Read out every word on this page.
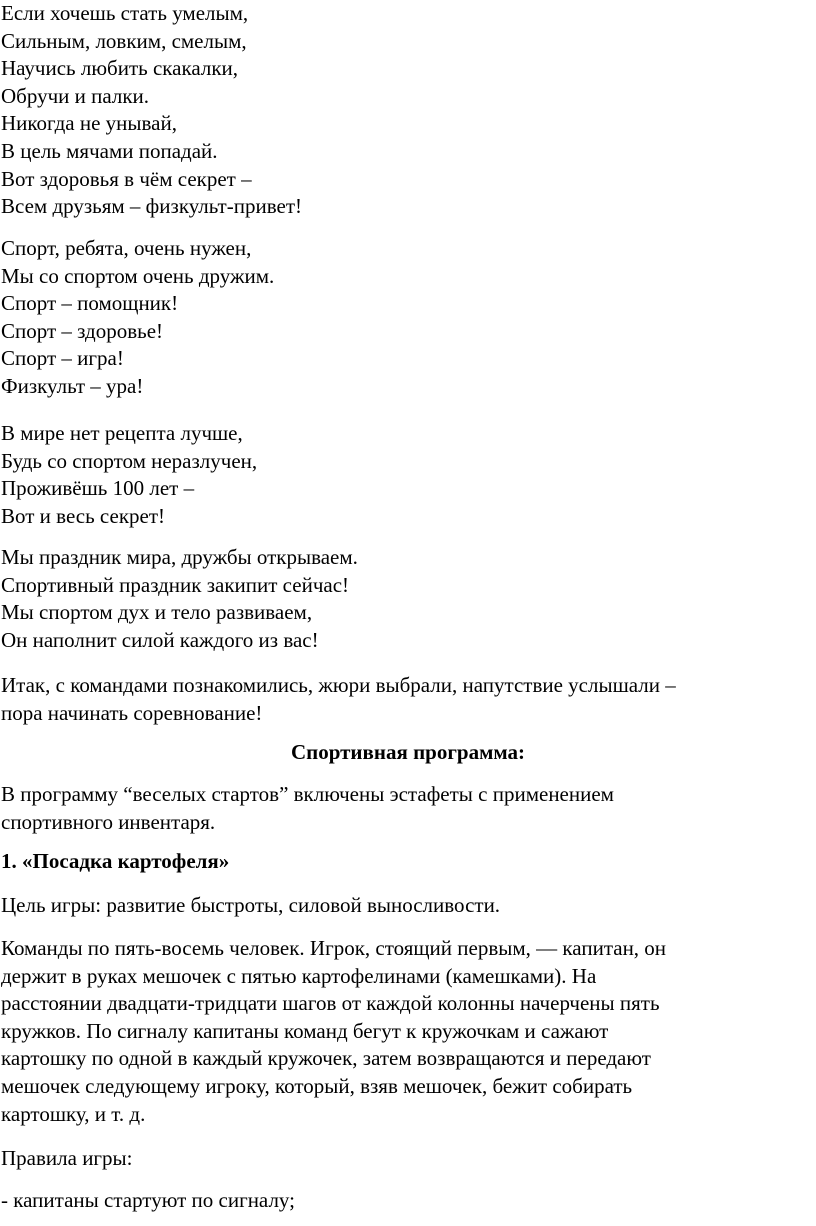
Если хочешь стать умелым,
Сильным, ловким, смелым,
Научись любить скакалки,
Обручи и палки.
Никогда не унывай,
В цель мячами попадай.
Вот здоровья в чём секрет –
Всем друзьям – физкульт-привет!
Спорт, ребята, очень нужен,
Мы со спортом очень дружим.
Спорт – помощник!
Спорт – здоровье!
Спорт – игра!
Физкульт – ура!
В мире нет рецепта лучше,
Будь со спортом неразлучен,
Проживёшь 100 лет –
Вот и весь секрет!
Мы праздник мира, дружбы открываем.
Спортивный праздник закипит сейчас!
Мы спортом дух и тело развиваем,
Он наполнит силой каждого из вас!
Итак, с командами познакомились, жюри выбрали, напутствие услышали –
пора начинать соревнование!
Спортивная программа:
В программу “веселых стартов” включены эстафеты с применением
спортивного инвентаря.
1. «Посадка картофеля»
Цель игры: развитие быстроты, силовой выносливости.
Команды по пять-восемь человек. Игрок, стоящий первым, — капитан, он
держит в руках мешочек с пятью картофелинами (камешками). На
расстоянии двадцати-тридцати шагов от каждой колонны начерчены пять
кружков. По сигналу капитаны команд бегут к кружочкам и сажают
картошку по одной в каждый кружочек, затем возвращаются и передают
мешочек следующему игроку, который, взяв мешочек, бежит собирать
картошку, и т. д.
Правила игры:
- капитаны стартуют по сигналу;
